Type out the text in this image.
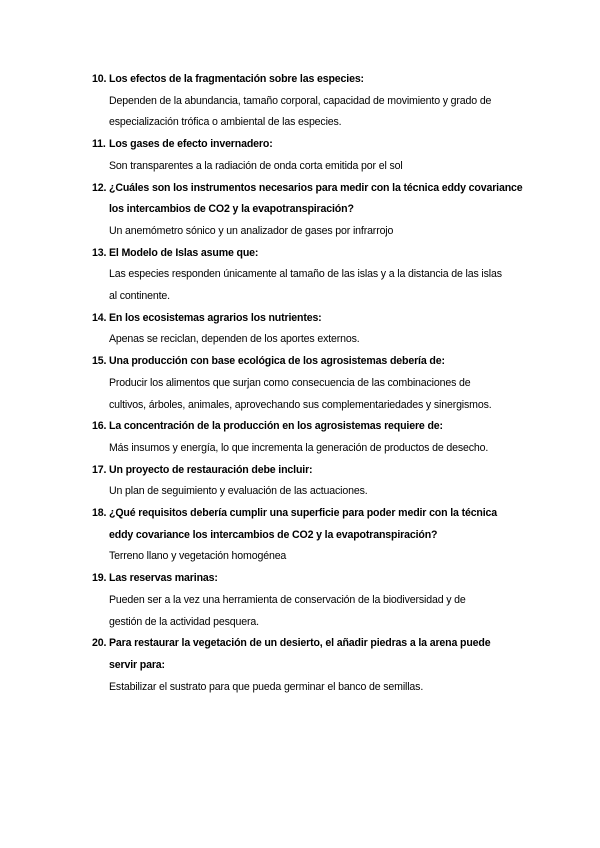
10. Los efectos de la fragmentación sobre las especies:
Dependen de la abundancia, tamaño corporal, capacidad de movimiento y grado de
especialización trófica o ambiental de las especies.
11. Los gases de efecto invernadero:
Son transparentes a la radiación de onda corta emitida por el sol
12. ¿Cuáles son los instrumentos necesarios para medir con la técnica eddy covariance
los intercambios de CO2 y la evapotranspiración?
Un anemómetro sónico y un analizador de gases por infrarrojo
13. El Modelo de Islas asume que:
Las especies responden únicamente al tamaño de las islas y a la distancia de las islas
al continente.
14. En los ecosistemas agrarios los nutrientes:
Apenas se reciclan, dependen de los aportes externos.
15. Una producción con base ecológica de los agrosistemas debería de:
Producir los alimentos que surjan como consecuencia de las combinaciones de
cultivos, árboles, animales, aprovechando sus complementariedades y sinergismos.
16. La concentración de la producción en los agrosistemas requiere de:
Más insumos y energía, lo que incrementa la generación de productos de desecho.
17. Un proyecto de restauración debe incluir:
Un plan de seguimiento y evaluación de las actuaciones.
18. ¿Qué requisitos debería cumplir una superficie para poder medir con la técnica
eddy covariance los intercambios de CO2 y la evapotranspiración?
Terreno llano y vegetación homogénea
19. Las reservas marinas:
Pueden ser a la vez una herramienta de conservación de la biodiversidad y de
gestión de la actividad pesquera.
20. Para restaurar la vegetación de un desierto, el añadir piedras a la arena puede
servir para:
Estabilizar el sustrato para que pueda germinar el banco de semillas.
